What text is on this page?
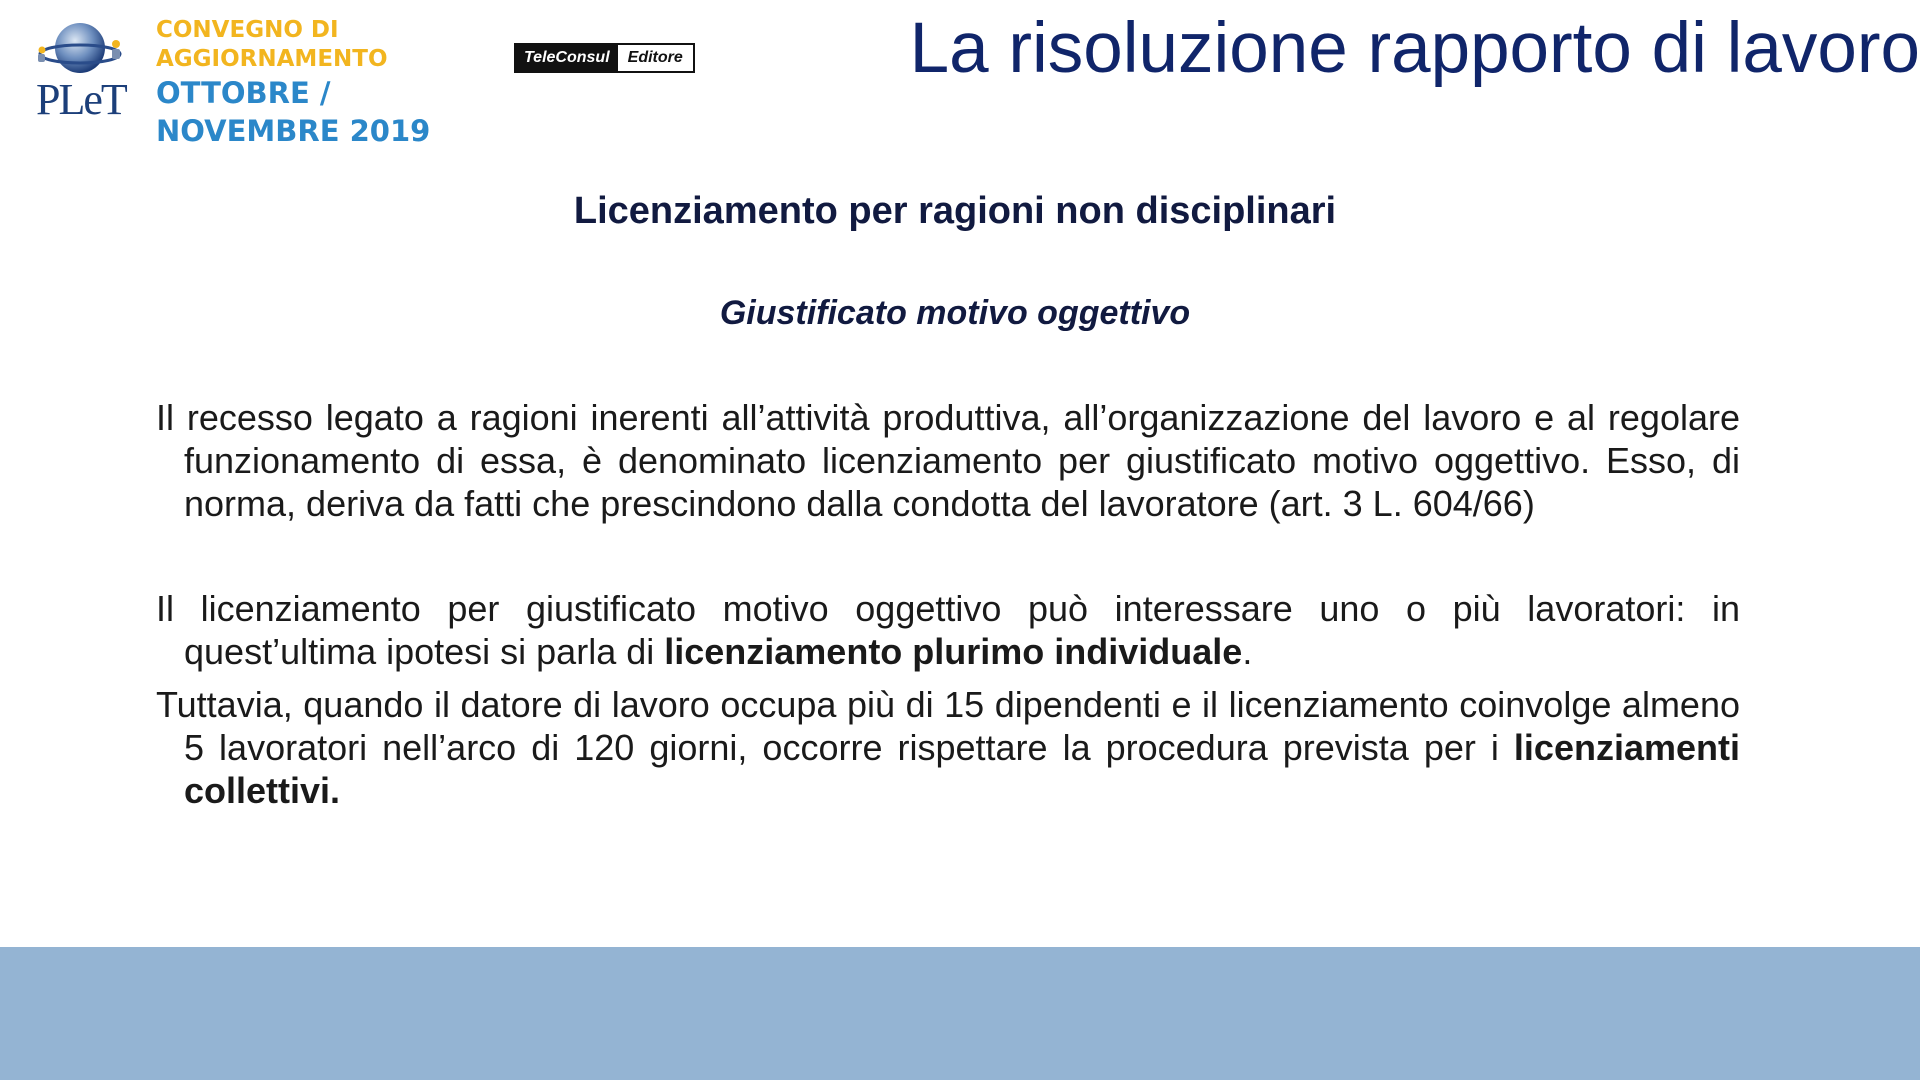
PLeT

CONVEGNO DI
AGGIORNAMENTO
OTTOBRE /
NOVEMBRE 2019
TeleConsul	Editore	La risoluzione rapporto di lavoro
Licenziamento per ragioni non disciplinari
Giustificato motivo oggettivo

Il recesso legato a ragioni inerenti all’attività produttiva, all’organizzazione del lavoro e al regolare funzionamento di essa, è denominato licenziamento per giustificato motivo oggettivo. Esso, di norma, deriva da fatti che prescindono dalla condotta del lavoratore (art. 3 L. 604/66)

Il licenziamento per giustificato motivo oggettivo può interessare uno o più lavoratori: in quest’ultima ipotesi si parla di licenziamento plurimo individuale.

Tuttavia, quando il datore di lavoro occupa più di 15 dipendenti e il licenziamento coinvolge almeno 5 lavoratori nell’arco di 120 giorni, occorre rispettare la procedura prevista per i licenziamenti collettivi.
